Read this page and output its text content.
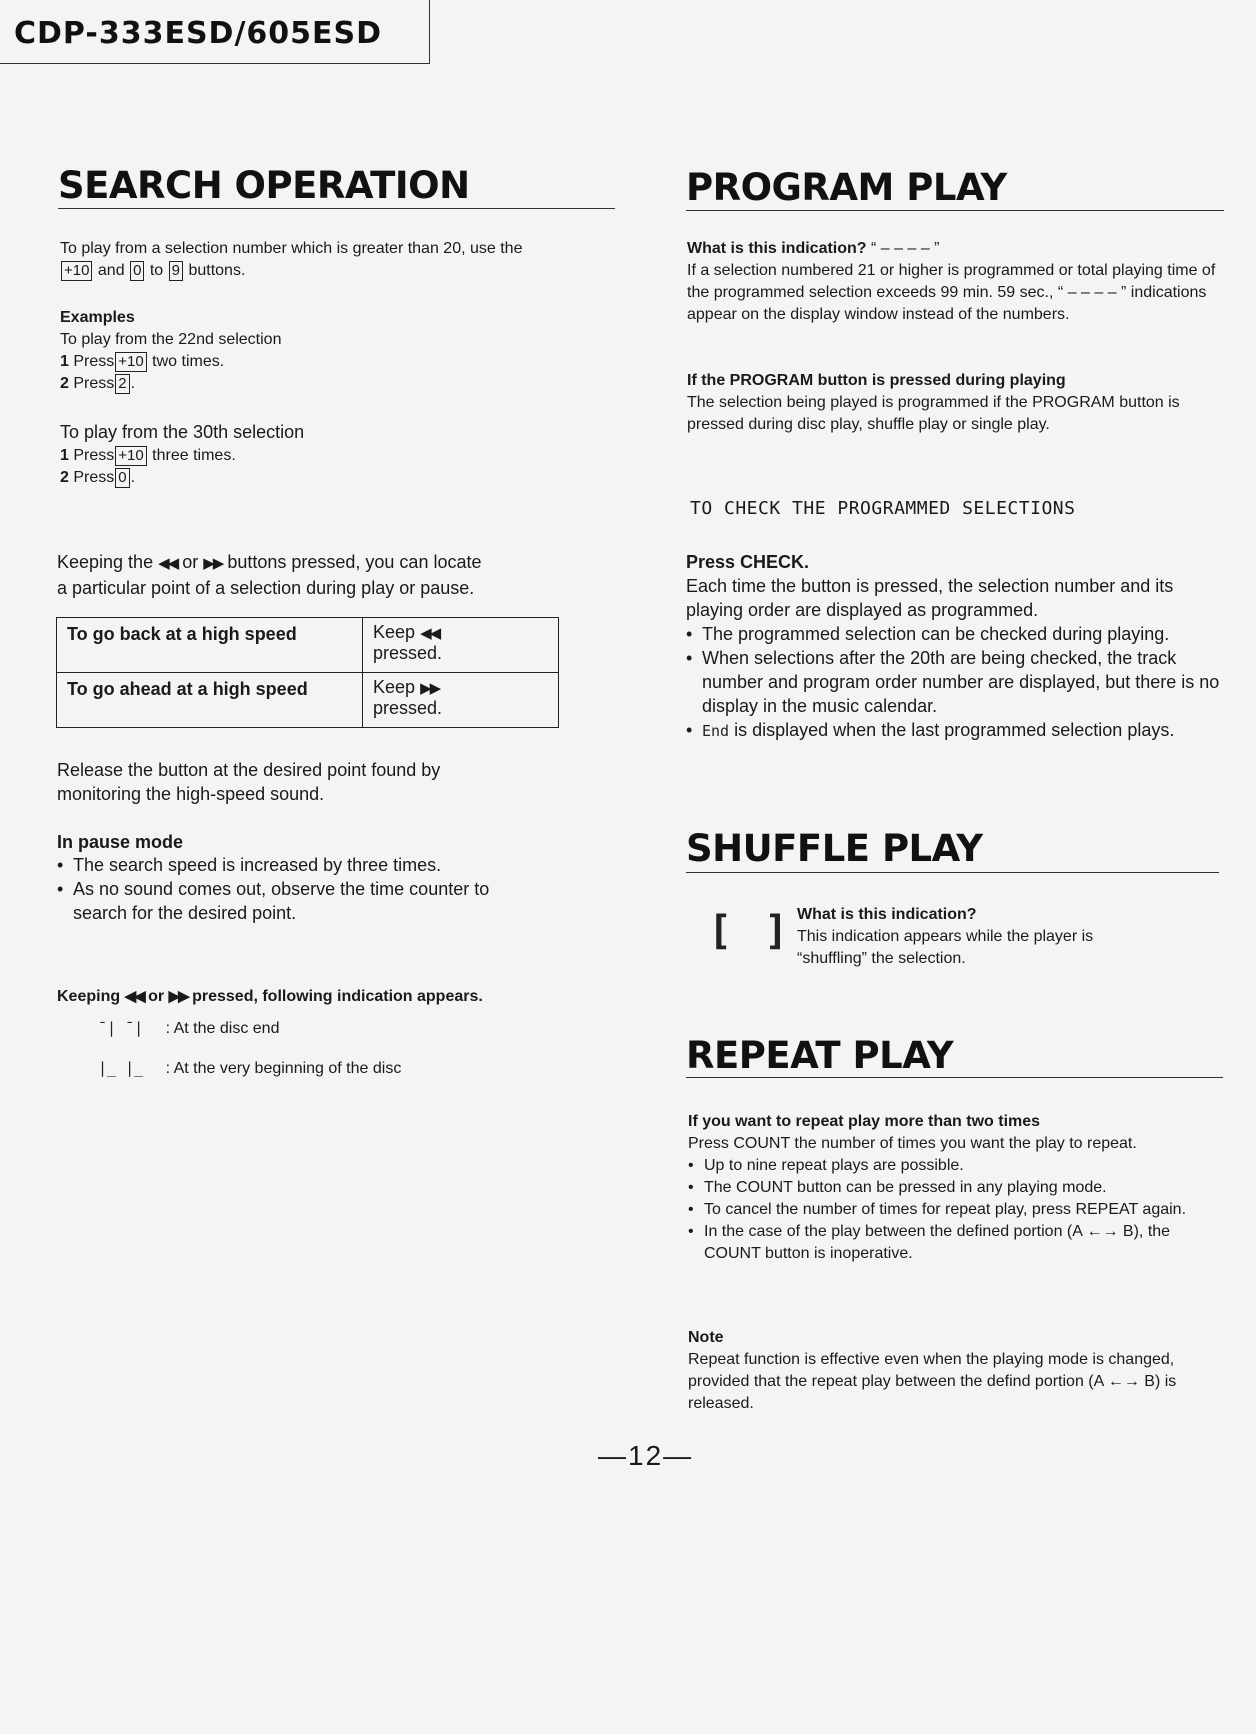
CDP-333ESD/605ESD
SEARCH OPERATION

To play from a selection number which is greater than 20, use the
+10 and 0 to 9 buttons.

Examples

To play from the 22nd selection

1 Press +10 two times.

2 Press 2 .

To play from the 30th selection

1 Press +10 three times.

2 Press 0 .

Keeping the ◀◀ or ▶▶ buttons pressed, you can locate
a particular point of a selection during play or pause.

To go back at a high speed	Keep ◀◀
pressed.
To go ahead at a high speed	Keep ▶▶
pressed.

Release the button at the desired point found by
monitoring the high-speed sound.

In pause mode

• The search speed is increased by three times.
• As no sound comes out, observe the time counter to search for the desired point.

Keeping ◀◀ or ▶▶ pressed, following indication appears.

¯| ¯| : At the disc end

|_ |_ : At the very beginning of the disc

PROGRAM PLAY

What is this indication? “ – – – – ”
If a selection numbered 21 or higher is programmed or total playing time of the programmed selection exceeds 99 min. 59 sec., “ – – – – ” indications appear on the display window instead of the numbers.

If the PROGRAM button is pressed during playing
The selection being played is programmed if the PROGRAM button is pressed during disc play, shuffle play or single play.

TO CHECK THE PROGRAMMED SELECTIONS

Press CHECK.

Each time the button is pressed, the selection number and its playing order are displayed as programmed.

• The programmed selection can be checked during playing.
• When selections after the 20th are being checked, the track number and program order number are displayed, but there is no display in the music calendar.
• End is displayed when the last programmed selection plays.
SHUFFLE PLAY
[ ] What is this indication?
This indication appears while the player is “shuffling” the selection.

REPEAT PLAY

If you want to repeat play more than two times

Press COUNT the number of times you want the play to repeat.

• Up to nine repeat plays are possible.
• The COUNT button can be pressed in any playing mode.
• To cancel the number of times for repeat play, press REPEAT again.
• In the case of the play between the defined portion (A ←→ B), the COUNT button is inoperative.

Note

Repeat function is effective even when the playing mode is changed, provided that the repeat play between the defind portion (A ←→ B) is released.

—12—
